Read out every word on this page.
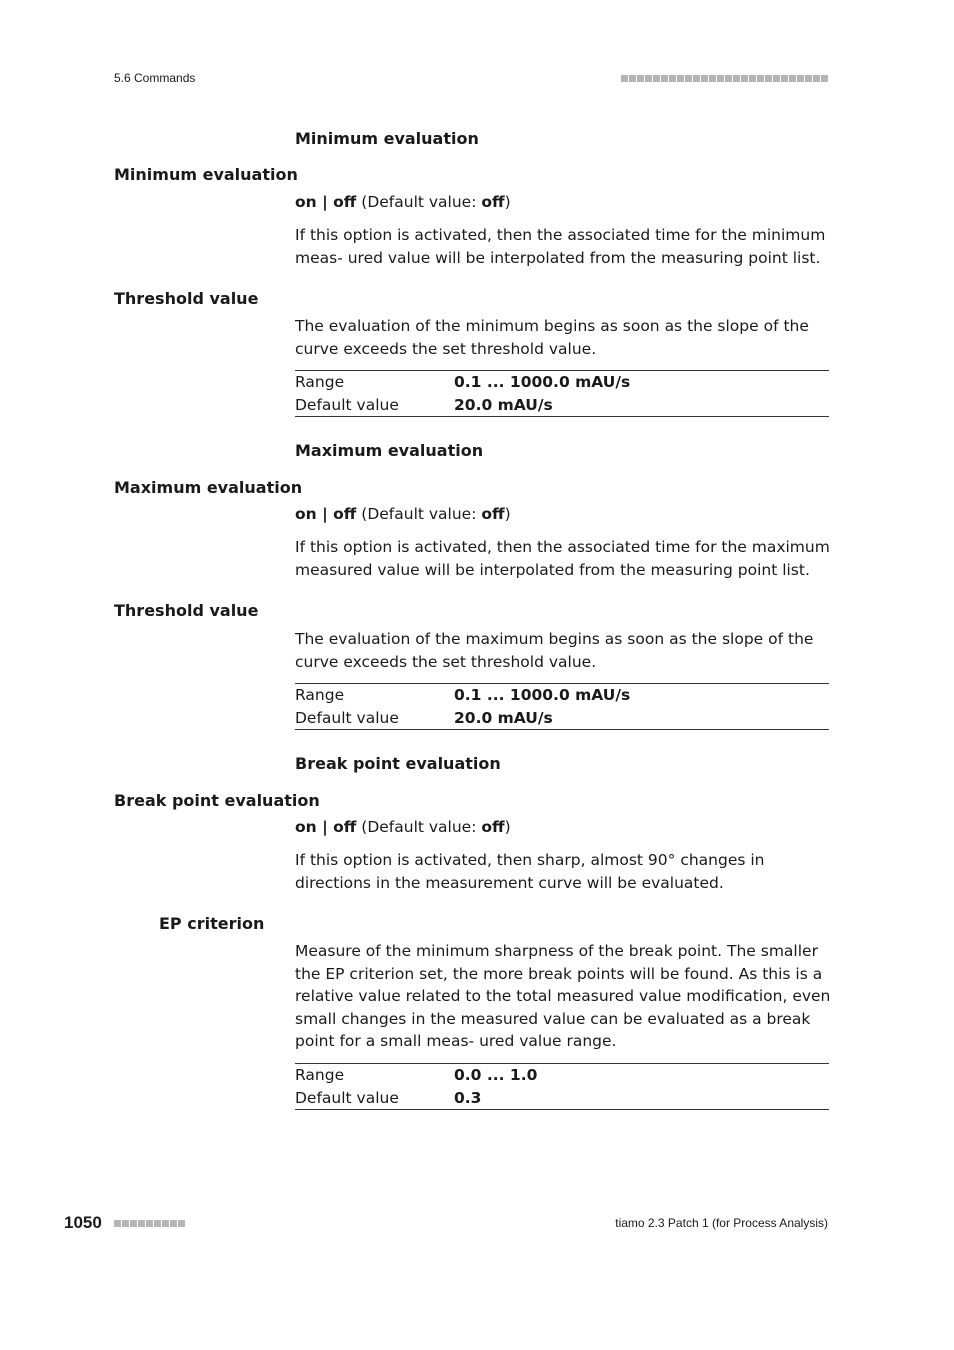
5.6 Commands
Minimum evaluation
Minimum evaluation
on | off (Default value: off)
If this option is activated, then the associated time for the minimum meas- ured value will be interpolated from the measuring point list.
Threshold value
The evaluation of the minimum begins as soon as the slope of the curve exceeds the set threshold value.
Range	0.1 ... 1000.0 mAU/s
Default value	20.0 mAU/s
Maximum evaluation
Maximum evaluation
on | off (Default value: off)
If this option is activated, then the associated time for the maximum measured value will be interpolated from the measuring point list.
Threshold value
The evaluation of the maximum begins as soon as the slope of the curve exceeds the set threshold value.
Range	0.1 ... 1000.0 mAU/s
Default value	20.0 mAU/s
Break point evaluation
Break point evaluation
on | off (Default value: off)
If this option is activated, then sharp, almost 90° changes in directions in the measurement curve will be evaluated.
EP criterion
Measure of the minimum sharpness of the break point. The smaller the EP criterion set, the more break points will be found. As this is a relative value related to the total measured value modification, even small changes in the measured value can be evaluated as a break point for a small meas- ured value range.
Range	0.0 ... 1.0
Default value	0.3
1050	tiamo 2.3 Patch 1 (for Process Analysis)
